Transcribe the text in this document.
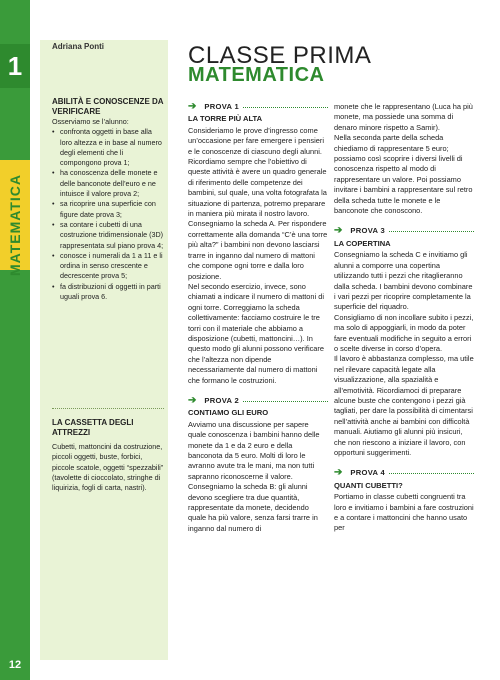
1
MATEMATICA
12
Adriana Ponti
ABILITÀ E CONOSCENZE DA VERIFICARE
Osserviamo se l’alunno:
• confronta oggetti in base alla loro altezza e in base al numero degli elementi che li compongono prova 1;
• ha conoscenza delle monete e delle banconote dell’euro e ne intuisce il valore prova 2;
• sa ricoprire una superficie con figure date prova 3;
• sa contare i cubetti di una costruzione tridimensionale (3D) rappresentata sul piano prova 4;
• conosce i numerali da 1 a 11 e li ordina in senso crescente e decrescente prova 5;
• fa distribuzioni di oggetti in parti uguali prova 6.
LA CASSETTA DEGLI ATTREZZI
Cubetti, mattoncini da costruzione, piccoli oggetti, buste, forbici, piccole scatole, oggetti “spezzabili” (tavolette di cioccolato, stringhe di liquirizia, fogli di carta, nastri).
CLASSE PRIMA
MATEMATICA
➔ PROVA 1
LA TORRE PIÙ ALTA

Consideriamo le prove d’ingresso come un’occasione per fare emergere i pensieri e le conoscenze di ciascuno degli alunni. Ricordiamo sempre che l’obiettivo di queste attività è avere un quadro generale di riferimento delle competenze dei bambini, sul quale, una volta fotografata la situazione di partenza, potremo preparare in maniera più mirata il nostro lavoro.

Consegniamo la scheda A. Per rispondere correttamente alla domanda “C’è una torre più alta?” i bambini non devono lasciarsi trarre in inganno dal numero di mattoni che compone ogni torre e dalla loro posizione.

Nel secondo esercizio, invece, sono chiamati a indicare il numero di mattoni di ogni torre. Correggiamo la scheda collettivamente: facciamo costruire le tre torri con il materiale che abbiamo a disposizione (cubetti, mattoncini…). In questo modo gli alunni possono verificare che l’altezza non dipende necessariamente dal numero di mattoni che formano le costruzioni.

➔ PROVA 2
CONTIAMO GLI EURO

Avviamo una discussione per sapere quale conoscenza i bambini hanno delle monete da 1 e da 2 euro e della banconota da 5 euro. Molti di loro le avranno avute tra le mani, ma non tutti sapranno riconoscerne il valore.

Consegniamo la scheda B: gli alunni devono scegliere tra due quantità, rappresentate da monete, decidendo quale ha più valore, senza farsi trarre in inganno dal numero di

monete che le rappresentano (Luca ha più monete, ma possiede una somma di denaro minore rispetto a Samir).

Nella seconda parte della scheda chiediamo di rappresentare 5 euro; possiamo così scoprire i diversi livelli di conoscenza rispetto al modo di rappresentare un valore. Poi possiamo invitare i bambini a rappresentare sul retro della scheda tutte le monete e le banconote che conoscono.

➔ PROVA 3
LA COPERTINA

Consegniamo la scheda C e invitiamo gli alunni a comporre una copertina utilizzando tutti i pezzi che ritaglieranno dalla scheda. I bambini devono combinare i vari pezzi per ricoprire completamente la superficie del riquadro.

Consigliamo di non incollare subito i pezzi, ma solo di appoggiarli, in modo da poter fare eventuali modifiche in seguito a errori o scelte diverse in corso d’opera.

Il lavoro è abbastanza complesso, ma utile nel rilevare capacità legate alla visualizzazione, alla spazialità e all’emotività. Ricordiamoci di preparare alcune buste che contengono i pezzi già tagliati, per dare la possibilità di cimentarsi nell’attività anche ai bambini con difficoltà manuali. Aiutiamo gli alunni più insicuri, che non riescono a iniziare il lavoro, con opportuni suggerimenti.

➔ PROVA 4
QUANTI CUBETTI?

Portiamo in classe cubetti congruenti tra loro e invitiamo i bambini a fare costruzioni e a contare i mattoncini che hanno usato per
